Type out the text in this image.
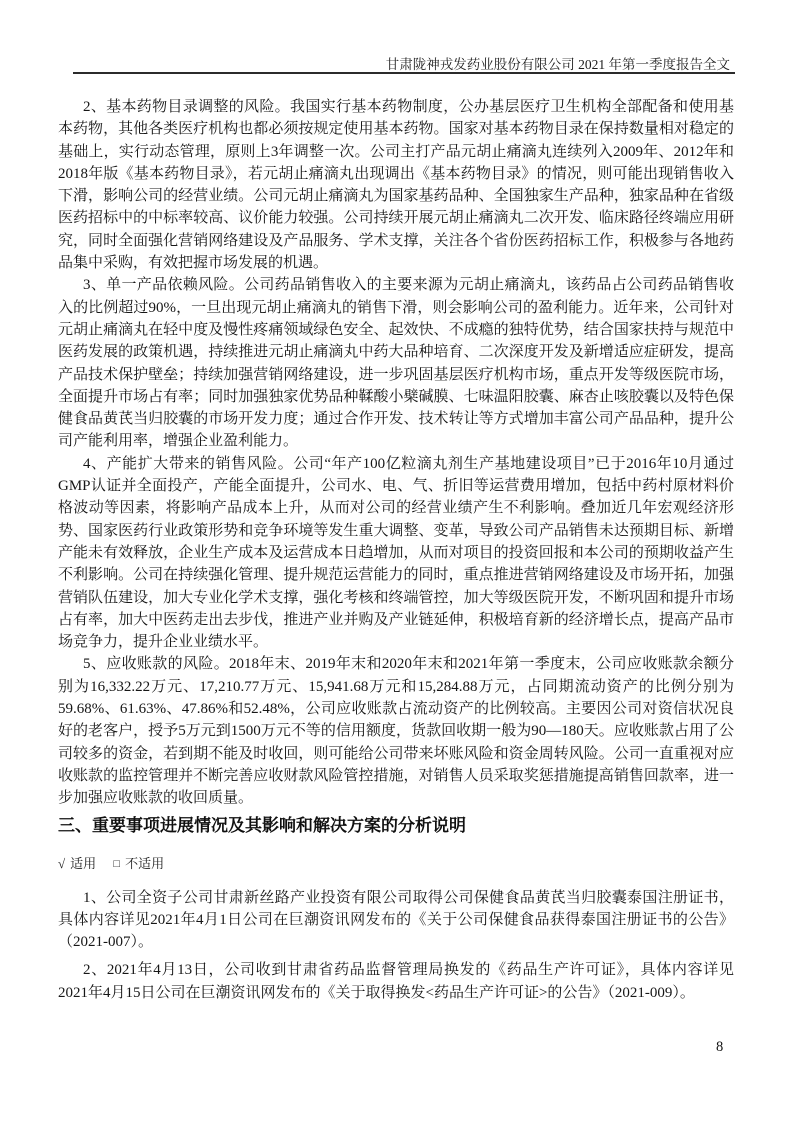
甘肃陇神戎发药业股份有限公司 2021 年第一季度报告全文

2、基本药物目录调整的风险。我国实行基本药物制度，公办基层医疗卫生机构全部配备和使用基本药物，其他各类医疗机构也都必须按规定使用基本药物。国家对基本药物目录在保持数量相对稳定的基础上，实行动态管理，原则上3年调整一次。公司主打产品元胡止痛滴丸连续列入2009年、2012年和2018年版《基本药物目录》，若元胡止痛滴丸出现调出《基本药物目录》的情况，则可能出现销售收入下滑，影响公司的经营业绩。公司元胡止痛滴丸为国家基药品种、全国独家生产品种，独家品种在省级医药招标中的中标率较高、议价能力较强。公司持续开展元胡止痛滴丸二次开发、临床路径终端应用研究，同时全面强化营销网络建设及产品服务、学术支撑，关注各个省份医药招标工作，积极参与各地药品集中采购，有效把握市场发展的机遇。

3、单一产品依赖风险。公司药品销售收入的主要来源为元胡止痛滴丸，该药品占公司药品销售收入的比例超过90%，一旦出现元胡止痛滴丸的销售下滑，则会影响公司的盈利能力。近年来，公司针对元胡止痛滴丸在轻中度及慢性疼痛领域绿色安全、起效快、不成瘾的独特优势，结合国家扶持与规范中医药发展的政策机遇，持续推进元胡止痛滴丸中药大品种培育、二次深度开发及新增适应症研发，提高产品技术保护壁垒；持续加强营销网络建设，进一步巩固基层医疗机构市场，重点开发等级医院市场，全面提升市场占有率；同时加强独家优势品种鞣酸小檗碱膜、七味温阳胶囊、麻杏止咳胶囊以及特色保健食品黄芪当归胶囊的市场开发力度；通过合作开发、技术转让等方式增加丰富公司产品品种，提升公司产能利用率，增强企业盈利能力。

4、产能扩大带来的销售风险。公司“年产100亿粒滴丸剂生产基地建设项目”已于2016年10月通过GMP认证并全面投产，产能全面提升，公司水、电、气、折旧等运营费用增加，包括中药村原材料价格波动等因素，将影响产品成本上升，从而对公司的经营业绩产生不利影响。叠加近几年宏观经济形势、国家医药行业政策形势和竞争环境等发生重大调整、变革，导致公司产品销售未达预期目标、新增产能未有效释放，企业生产成本及运营成本日趋增加，从而对项目的投资回报和本公司的预期收益产生不利影响。公司在持续强化管理、提升规范运营能力的同时，重点推进营销网络建设及市场开拓，加强营销队伍建设，加大专业化学术支撑，强化考核和终端管控，加大等级医院开发，不断巩固和提升市场占有率，加大中医药走出去步伐，推进产业并购及产业链延伸，积极培育新的经济增长点，提高产品市场竞争力，提升企业业绩水平。

5、应收账款的风险。2018年末、2019年末和2020年末和2021年第一季度末，公司应收账款余额分别为16,332.22万元、17,210.77万元、15,941.68万元和15,284.88万元，占同期流动资产的比例分别为59.68%、61.63%、47.86%和52.48%，公司应收账款占流动资产的比例较高。主要因公司对资信状况良好的老客户，授予5万元到1500万元不等的信用额度，货款回收期一般为90—180天。应收账款占用了公司较多的资金，若到期不能及时收回，则可能给公司带来坏账风险和资金周转风险。公司一直重视对应收账款的监控管理并不断完善应收财款风险管控措施，对销售人员采取奖惩措施提高销售回款率，进一步加强应收账款的收回质量。

三、重要事项进展情况及其影响和解决方案的分析说明
√ 适用 □ 不适用

1、公司全资子公司甘肃新丝路产业投资有限公司取得公司保健食品黄芪当归胶囊泰国注册证书，具体内容详见2021年4月1日公司在巨潮资讯网发布的《关于公司保健食品获得泰国注册证书的公告》（2021-007）。

2、2021年4月13日，公司收到甘肃省药品监督管理局换发的《药品生产许可证》，具体内容详见2021年4月15日公司在巨潮资讯网发布的《关于取得换发<药品生产许可证>的公告》（2021-009）。

8
